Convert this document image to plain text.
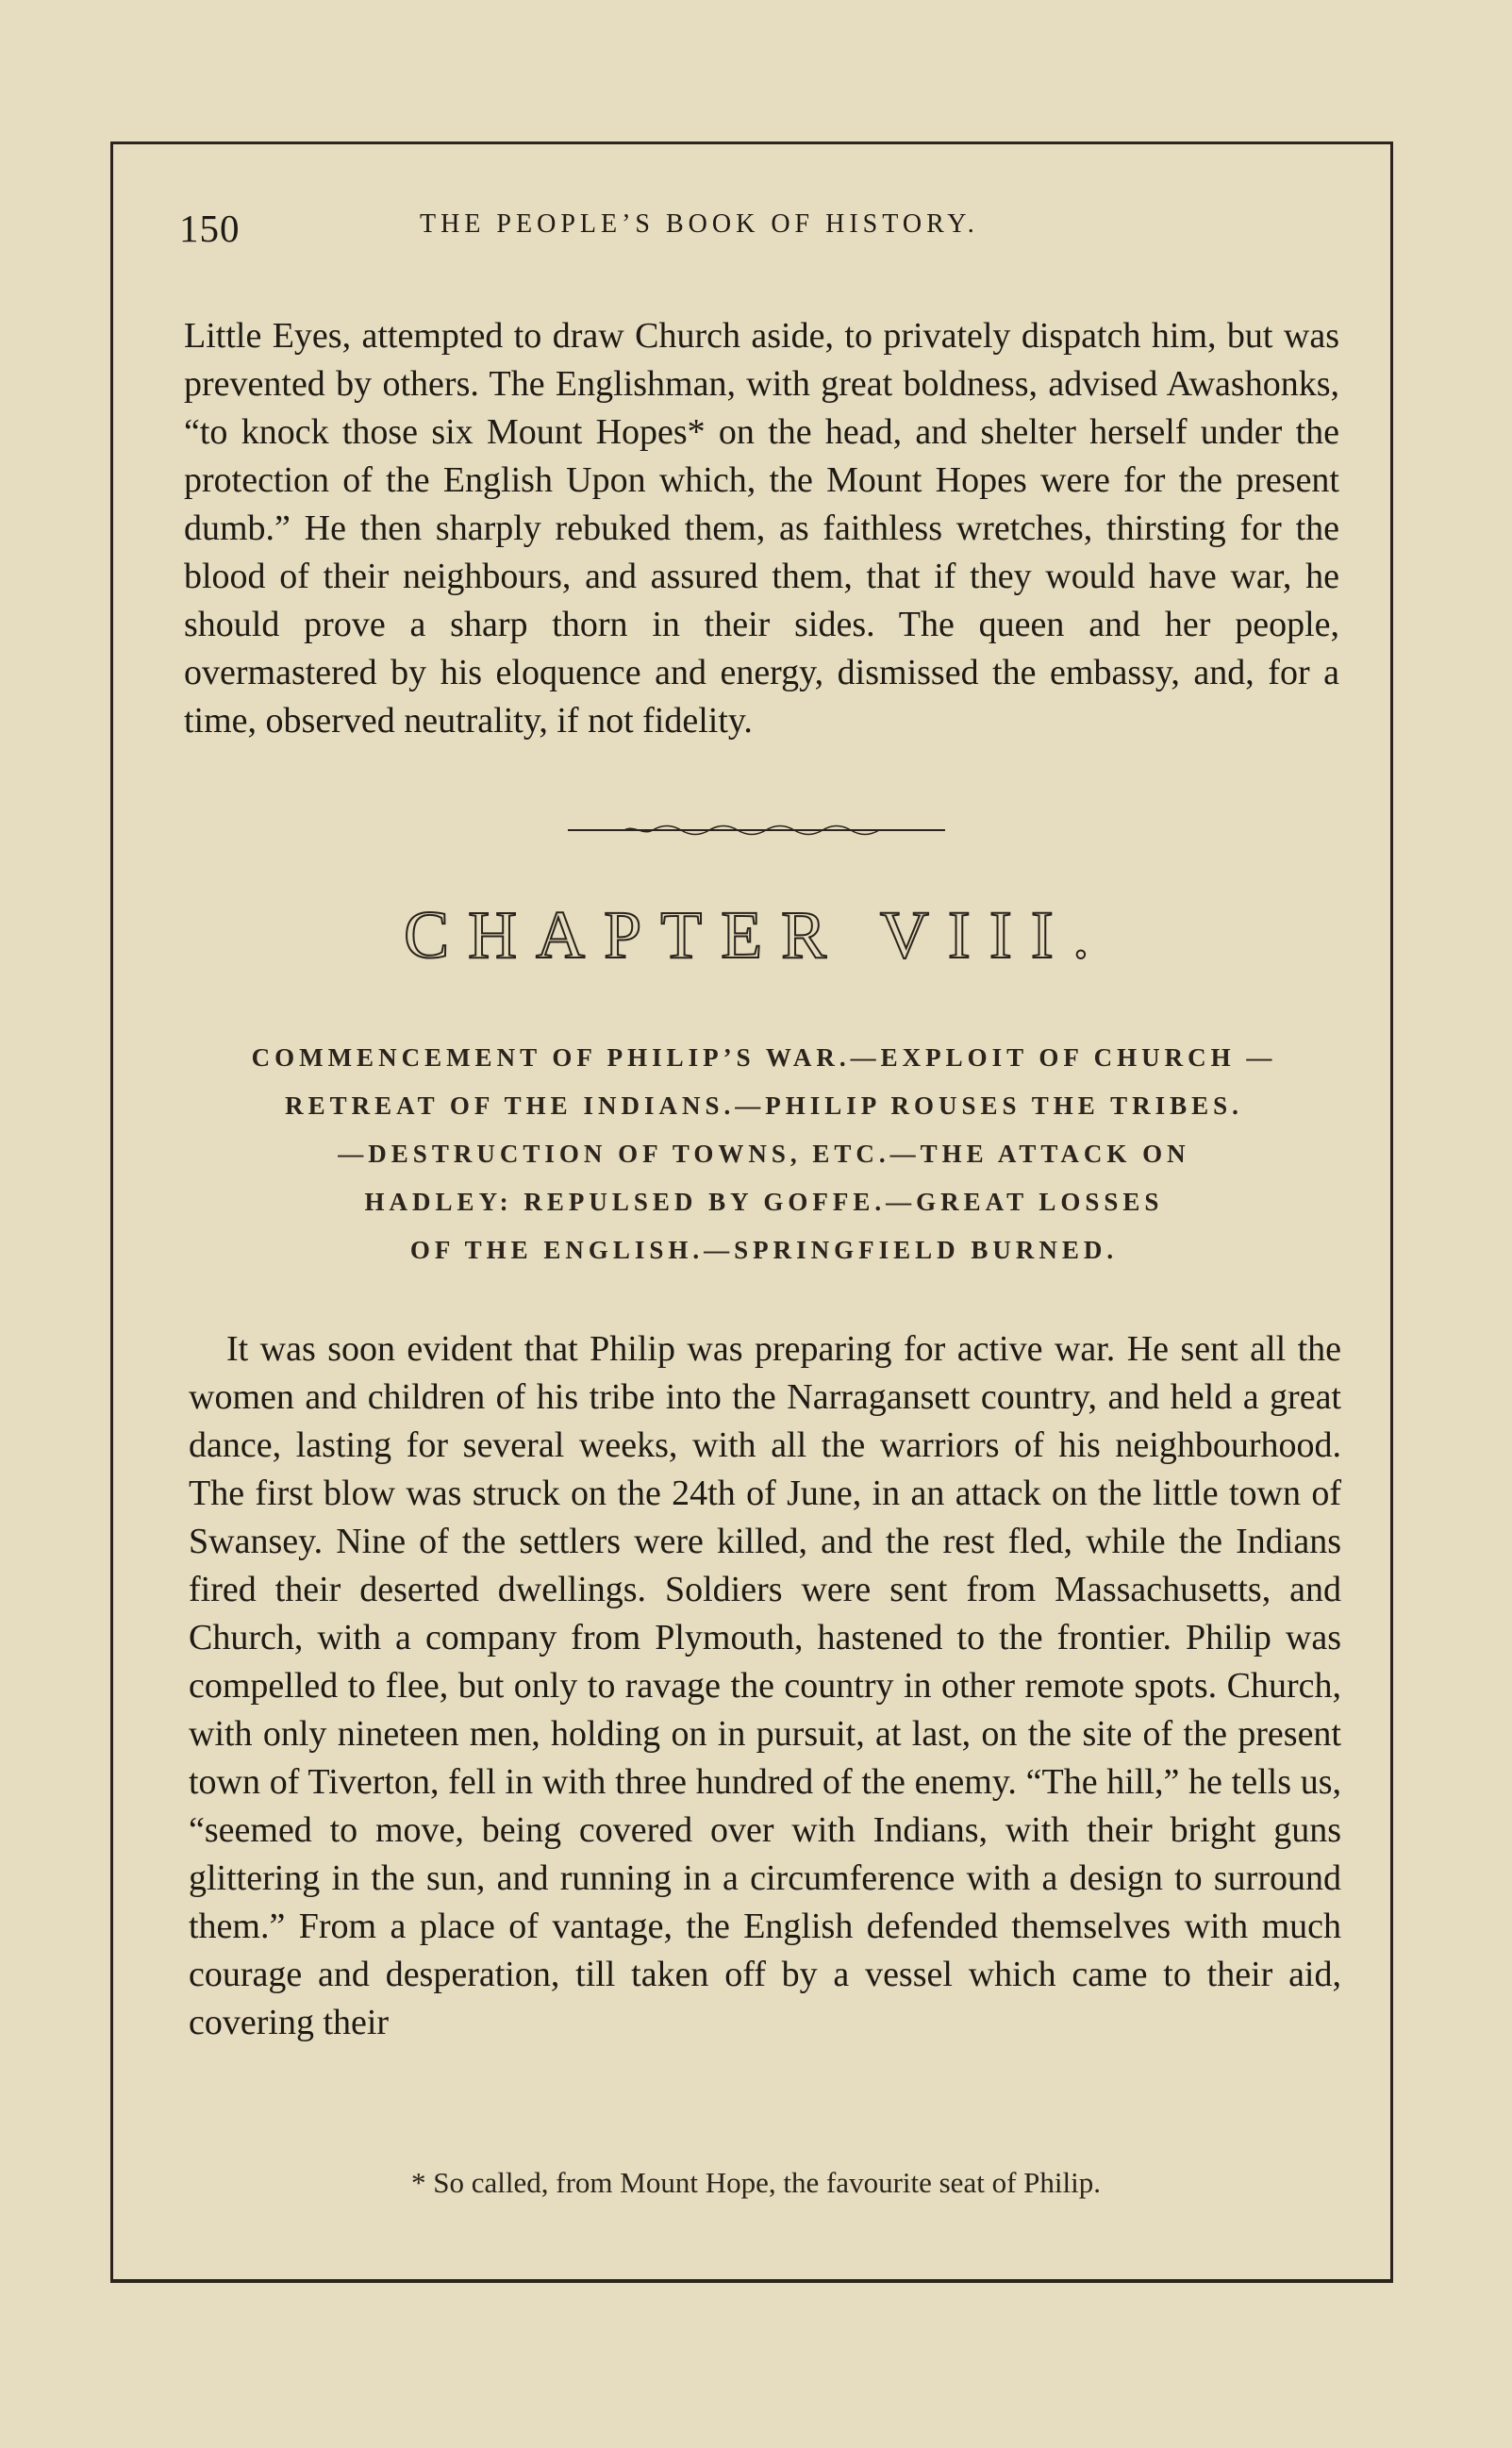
150	THE PEOPLE’S BOOK OF HISTORY.

Little Eyes, attempted to draw Church aside, to privately dispatch him, but was prevented by others. The Englishman, with great boldness, advised Awashonks, “to knock those six Mount Hopes* on the head, and shelter herself under the protection of the English Upon which, the Mount Hopes were for the present dumb.” He then sharply rebuked them, as faithless wretches, thirsting for the blood of their neighbours, and assured them, that if they would have war, he should prove a sharp thorn in their sides. The queen and her people, overmastered by his eloquence and energy, dismissed the embassy, and, for a time, observed neutrality, if not fidelity.

CHAPTER VIII.
COMMENCEMENT OF PHILIP’S WAR.—EXPLOIT OF CHURCH —
RETREAT OF THE INDIANS.—PHILIP ROUSES THE TRIBES.
—DESTRUCTION OF TOWNS, ETC.—THE ATTACK ON
HADLEY: REPULSED BY GOFFE.—GREAT LOSSES
OF THE ENGLISH.—SPRINGFIELD BURNED.

It was soon evident that Philip was preparing for active war. He sent all the women and children of his tribe into the Narragansett country, and held a great dance, lasting for several weeks, with all the warriors of his neighbourhood. The first blow was struck on the 24th of June, in an attack on the little town of Swansey. Nine of the settlers were killed, and the rest fled, while the Indians fired their deserted dwellings. Soldiers were sent from Massachusetts, and Church, with a company from Plymouth, hastened to the frontier. Philip was compelled to flee, but only to ravage the country in other remote spots. Church, with only nineteen men, holding on in pursuit, at last, on the site of the present town of Tiverton, fell in with three hundred of the enemy. “The hill,” he tells us, “seemed to move, being covered over with Indians, with their bright guns glittering in the sun, and running in a circumference with a design to surround them.” From a place of vantage, the English defended themselves with much courage and desperation, till taken off by a vessel which came to their aid, covering their

* So called, from Mount Hope, the favourite seat of Philip.
